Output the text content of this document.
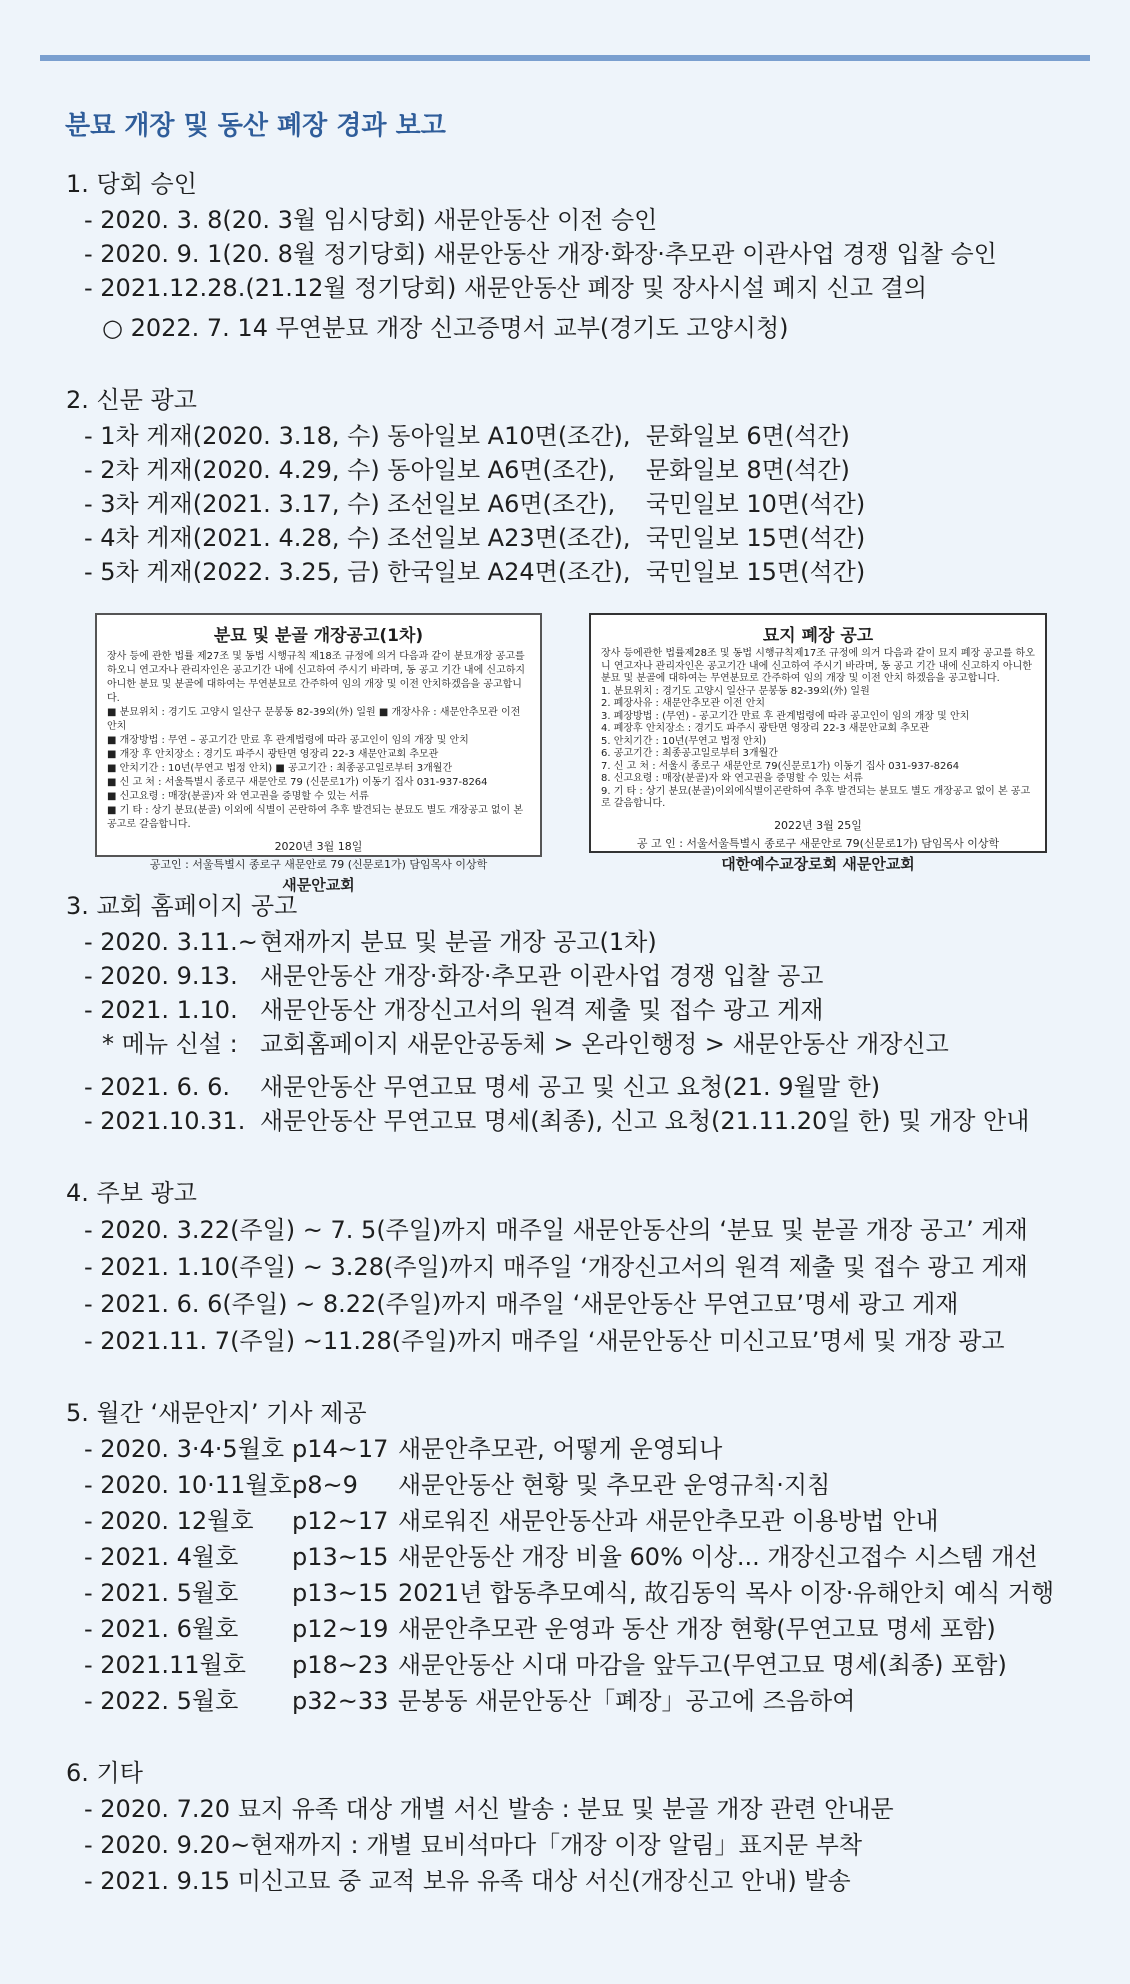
분묘 개장 및 동산 폐장 경과 보고
1. 당회 승인
- 2020. 3. 8(20. 3월 임시당회) 새문안동산 이전 승인
- 2020. 9. 1(20. 8월 정기당회) 새문안동산 개장·화장·추모관 이관사업 경쟁 입찰 승인
- 2021.12.28.(21.12월 정기당회) 새문안동산 폐장 및 장사시설 폐지 신고 결의
○ 2022. 7. 14 무연분묘 개장 신고증명서 교부(경기도 고양시청)
2. 신문 광고
- 1차 게재(2020. 3.18, 수) 동아일보 A10면(조간), 문화일보 6면(석간)
- 2차 게재(2020. 4.29, 수) 동아일보 A6면(조간), 문화일보 8면(석간)
- 3차 게재(2021. 3.17, 수) 조선일보 A6면(조간), 국민일보 10면(석간)
- 4차 게재(2021. 4.28, 수) 조선일보 A23면(조간), 국민일보 15면(석간)
- 5차 게재(2022. 3.25, 금) 한국일보 A24면(조간), 국민일보 15면(석간)
분묘 및 분골 개장공고(1차)

장사 등에 관한 법률 제27조 및 동법 시행규칙 제18조 규정에 의거 다음과 같이 분묘개장 공고를 하오니 연고자나 관리자인은 공고기간 내에 신고하여 주시기 바라며, 동 공고 기간 내에 신고하지 아니한 분묘 및 분골에 대하여는 무연분묘로 간주하여 임의 개장 및 이전 안치하겠음을 공고합니다.

■ 분묘위치 : 경기도 고양시 일산구 문봉동 82-39외(外) 일원 ■ 개장사유 : 새문안추모관 이전 안치

■ 개장방법 : 무연 – 공고기간 만료 후 관계법령에 따라 공고인이 임의 개장 및 안치

■ 개장 후 안치장소 : 경기도 파주시 광탄면 영장리 22-3 새문안교회 추모관

■ 안치기간 : 10년(무연고 법정 안치) ■ 공고기간 : 최종공고일로부터 3개월간

■ 신 고 처 : 서울특별시 종로구 새문안로 79 (신문로1가) 이동기 집사 031-937-8264

■ 신고요령 : 매장(분골)자 와 연고권을 증명할 수 있는 서류

■ 기 타 : 상기 분묘(분골) 이외에 식별이 곤란하여 추후 발견되는 분묘도 별도 개장공고 없이 본 공고로 갈음합니다.

2020년 3월 18일
공고인 : 서울특별시 종로구 새문안로 79 (신문로1가) 담임목사 이상학
새문안교회
묘지 폐장 공고

장사 등에관한 법률제28조 및 동법 시행규칙제17조 규정에 의거 다음과 같이 묘지 폐장 공고를 하오니 연고자나 관리자인은 공고기간 내에 신고하여 주시기 바라며, 동 공고 기간 내에 신고하지 아니한 분묘 및 분골에 대하여는 무연분묘로 간주하여 임의 개장 및 이전 안치 하겠음을 공고합니다.

1. 분묘위치 : 경기도 고양시 일산구 문봉동 82-39외(外) 일원

2. 폐장사유 : 새문안추모관 이전 안치

3. 폐장방법 : (무연) - 공고기간 만료 후 관계법령에 따라 공고인이 임의 개장 및 안치

4. 폐장후 안치장소 : 경기도 파주시 광탄면 영장리 22-3 새문안교회 추모관

5. 안치기간 : 10년(무연고 법정 안치)

6. 공고기간 : 최종공고일로부터 3개월간

7. 신 고 처 : 서울시 종로구 새문안로 79(신문로1가) 이동기 집사 031-937-8264

8. 신고요령 : 매장(분골)자 와 연고권을 증명할 수 있는 서류

9. 기 타 : 상기 분묘(분골)이외에식별이곤란하여 추후 발견되는 분묘도 별도 개장공고 없이 본 공고로 갈음합니다.

2022년 3월 25일
공 고 인 : 서울서울특별시 종로구 새문안로 79(신문로1가) 담임목사 이상학
대한예수교장로회 새문안교회
3. 교회 홈페이지 공고
- 2020. 3.11.~ 현재까지 분묘 및 분골 개장 공고(1차)
- 2020. 9.13. 새문안동산 개장·화장·추모관 이관사업 경쟁 입찰 공고
- 2021. 1.10. 새문안동산 개장신고서의 원격 제출 및 접수 광고 게재
* 메뉴 신설 : 교회홈페이지 새문안공동체 > 온라인행정 > 새문안동산 개장신고
- 2021. 6. 6. 새문안동산 무연고묘 명세 공고 및 신고 요청(21. 9월말 한)
- 2021.10.31. 새문안동산 무연고묘 명세(최종), 신고 요청(21.11.20일 한) 및 개장 안내
4. 주보 광고
- 2020. 3.22(주일) ~ 7. 5(주일)까지 매주일 새문안동산의 ‘분묘 및 분골 개장 공고’ 게재
- 2021. 1.10(주일) ~ 3.28(주일)까지 매주일 ‘개장신고서의 원격 제출 및 접수 광고 게재
- 2021. 6. 6(주일) ~ 8.22(주일)까지 매주일 ‘새문안동산 무연고묘’명세 광고 게재
- 2021.11. 7(주일) ~11.28(주일)까지 매주일 ‘새문안동산 미신고묘’명세 및 개장 광고
5. 월간 ‘새문안지’ 기사 제공
- 2020. 3·4·5월호 p14~17 새문안추모관, 어떻게 운영되나
- 2020. 10·11월호 p8~9 새문안동산 현황 및 추모관 운영규칙·지침
- 2020. 12월호 p12~17 새로워진 새문안동산과 새문안추모관 이용방법 안내
- 2021. 4월호 p13~15 새문안동산 개장 비율 60% 이상... 개장신고접수 시스템 개선
- 2021. 5월호 p13~15 2021년 합동추모예식, 故김동익 목사 이장·유해안치 예식 거행
- 2021. 6월호 p12~19 새문안추모관 운영과 동산 개장 현황(무연고묘 명세 포함)
- 2021.11월호 p18~23 새문안동산 시대 마감을 앞두고(무연고묘 명세(최종) 포함)
- 2022. 5월호 p32~33 문봉동 새문안동산「폐장」공고에 즈음하여
6. 기타
- 2020. 7.20 묘지 유족 대상 개별 서신 발송 : 분묘 및 분골 개장 관련 안내문
- 2020. 9.20~현재까지 : 개별 묘비석마다「개장 이장 알림」표지문 부착
- 2021. 9.15 미신고묘 중 교적 보유 유족 대상 서신(개장신고 안내) 발송
